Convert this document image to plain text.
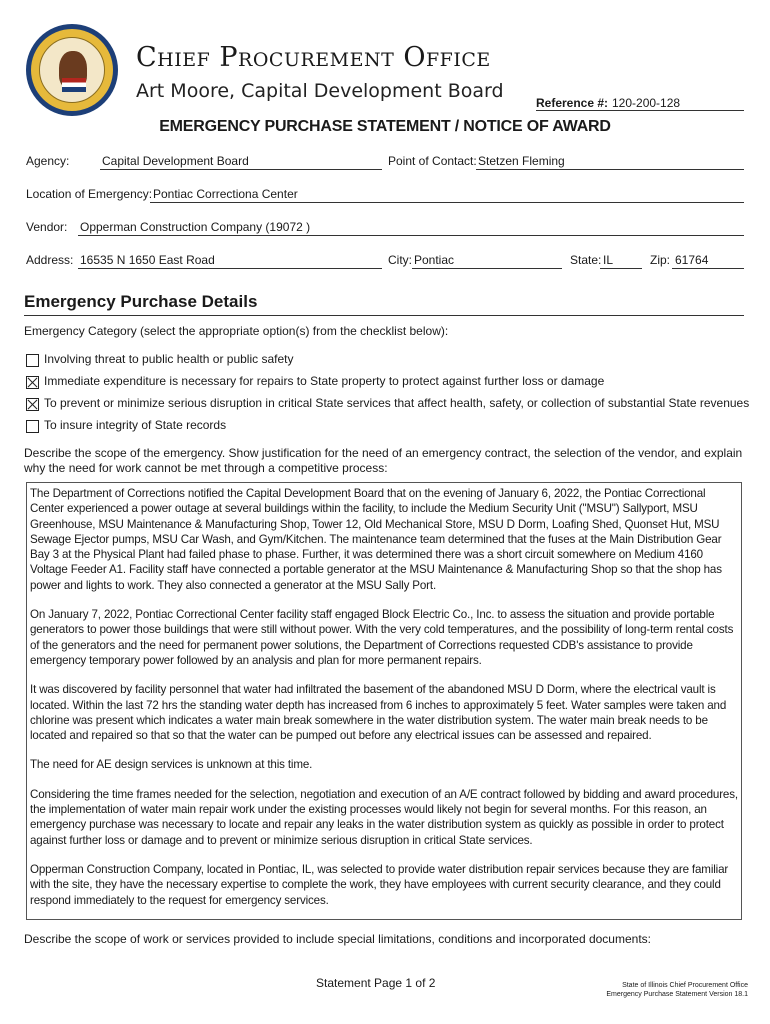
Chief Procurement Office
Art Moore, Capital Development Board
Reference #: 120-200-128
EMERGENCY PURCHASE STATEMENT / NOTICE OF AWARD
Agency:	Capital Development Board	Point of Contact: Stetzen Fleming
Location of Emergency: Pontiac Correctiona Center
Vendor: Opperman Construction Company (19072 )
Address: 16535 N 1650 East Road	City: Pontiac	State: IL	Zip: 61764
Emergency Purchase Details
Emergency Category (select the appropriate option(s) from the checklist below):
Involving threat to public health or public safety
Immediate expenditure is necessary for repairs to State property to protect against further loss or damage
To prevent or minimize serious disruption in critical State services that affect health, safety, or collection of substantial State revenues
To insure integrity of State records
Describe the scope of the emergency. Show justification for the need of an emergency contract, the selection of the vendor, and explain why the need for work cannot be met through a competitive process:

The Department of Corrections notified the Capital Development Board that on the evening of January 6, 2022, the Pontiac Correctional Center experienced a power outage at several buildings within the facility, to include the Medium Security Unit ("MSU") Sallyport, MSU Greenhouse, MSU Maintenance & Manufacturing Shop, Tower 12, Old Mechanical Store, MSU D Dorm, Loafing Shed, Quonset Hut, MSU Sewage Ejector pumps, MSU Car Wash, and Gym/Kitchen. The maintenance team determined that the fuses at the Main Distribution Gear Bay 3 at the Physical Plant had failed phase to phase. Further, it was determined there was a short circuit somewhere on Medium 4160 Voltage Feeder A1. Facility staff have connected a portable generator at the MSU Maintenance & Manufacturing Shop so that the shop has power and lights to work. They also connected a generator at the MSU Sally Port.

On January 7, 2022, Pontiac Correctional Center facility staff engaged Block Electric Co., Inc. to assess the situation and provide portable generators to power those buildings that were still without power. With the very cold temperatures, and the possibility of long-term rental costs of the generators and the need for permanent power solutions, the Department of Corrections requested CDB's assistance to provide emergency temporary power followed by an analysis and plan for more permanent repairs.

It was discovered by facility personnel that water had infiltrated the basement of the abandoned MSU D Dorm, where the electrical vault is located. Within the last 72 hrs the standing water depth has increased from 6 inches to approximately 5 feet. Water samples were taken and chlorine was present which indicates a water main break somewhere in the water distribution system. The water main break needs to be located and repaired so that so that the water can be pumped out before any electrical issues can be assessed and repaired.

The need for AE design services is unknown at this time.

Considering the time frames needed for the selection, negotiation and execution of an A/E contract followed by bidding and award procedures, the implementation of water main repair work under the existing processes would likely not begin for several months. For this reason, an emergency purchase was necessary to locate and repair any leaks in the water distribution system as quickly as possible in order to protect against further loss or damage and to prevent or minimize serious disruption in critical State services.

Opperman Construction Company, located in Pontiac, IL, was selected to provide water distribution repair services because they are familiar with the site, they have the necessary expertise to complete the work, they have employees with current security clearance, and they could respond immediately to the request for emergency services.

Describe the scope of work or services provided to include special limitations, conditions and incorporated documents:
Statement Page 1 of 2	State of Illinois Chief Procurement Office
Emergency Purchase Statement Version 18.1
